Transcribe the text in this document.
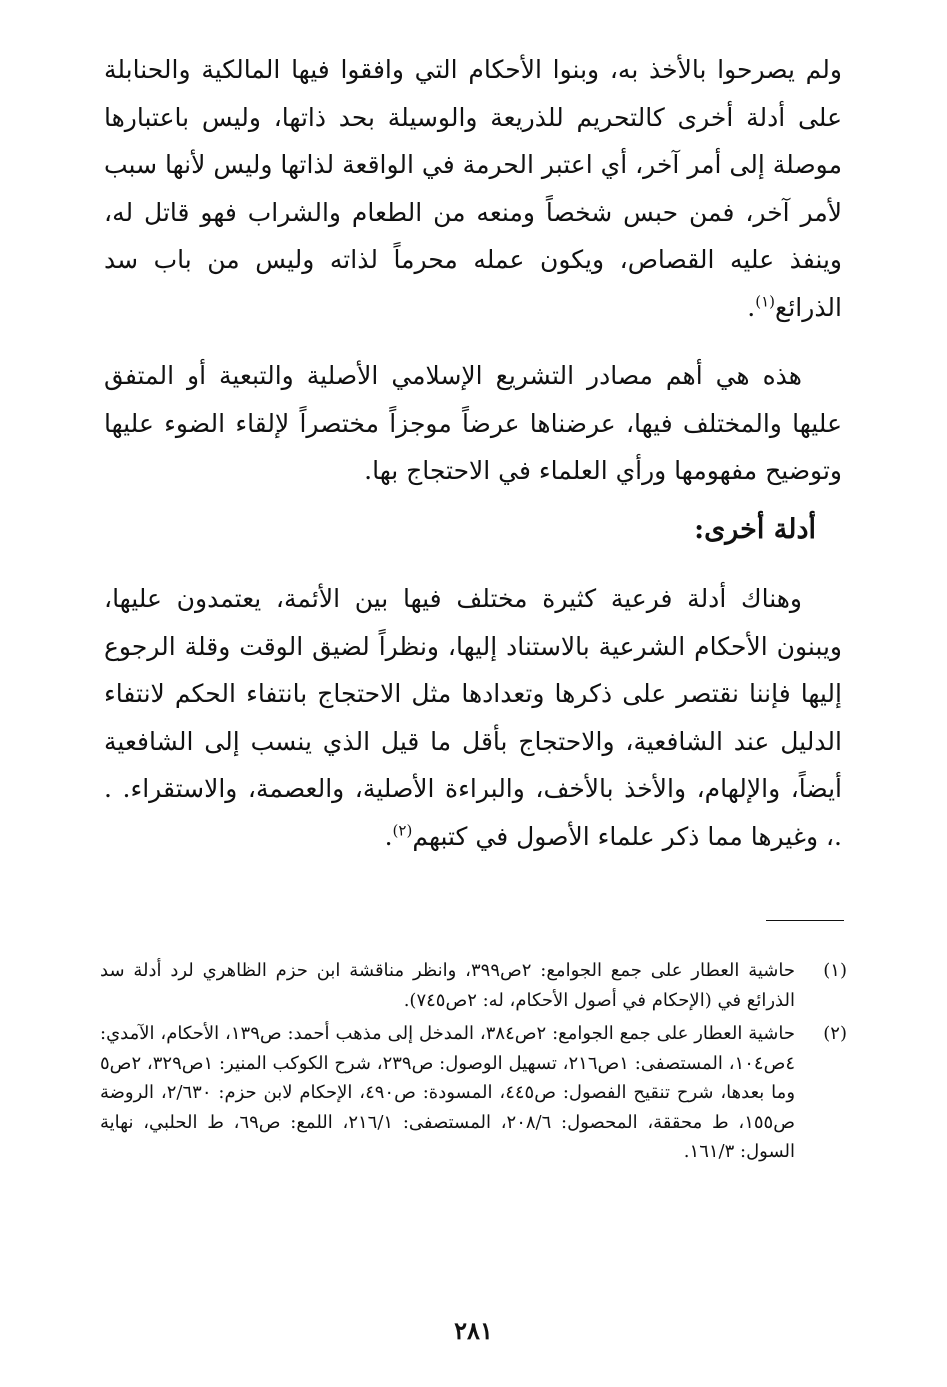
ولم يصرحوا بالأخذ به، وبنوا الأحكام التي وافقوا فيها المالكية والحنابلة على أدلة أخرى كالتحريم للذريعة والوسيلة بحد ذاتها، وليس باعتبارها موصلة إلى أمر آخر، أي اعتبر الحرمة في الواقعة لذاتها وليس لأنها سبب لأمر آخر، فمن حبس شخصاً ومنعه من الطعام والشراب فهو قاتل له، وينفذ عليه القصاص، ويكون عمله محرماً لذاته وليس من باب سد الذرائع$^{(١)}$.

هذه هي أهم مصادر التشريع الإسلامي الأصلية والتبعية أو المتفق عليها والمختلف فيها، عرضناها عرضاً موجزاً مختصراً لإلقاء الضوء عليها وتوضيح مفهومها ورأي العلماء في الاحتجاج بها.

أدلة أخرى:

وهناك أدلة فرعية كثيرة مختلف فيها بين الأئمة، يعتمدون عليها، ويبنون الأحكام الشرعية بالاستناد إليها، ونظراً لضيق الوقت وقلة الرجوع إليها فإننا نقتصر على ذكرها وتعدادها مثل الاحتجاج بانتفاء الحكم لانتفاء الدليل عند الشافعية، والاحتجاج بأقل ما قيل الذي ينسب إلى الشافعية أيضاً، والإلهام، والأخذ بالأخف، والبراءة الأصلية، والعصمة، والاستقراء. . .، وغيرها مما ذكر علماء الأصول في كتبهم$^{(٢)}$.

(١)

حاشية العطار على جمع الجوامع: ٢ص٣٩٩، وانظر مناقشة ابن حزم الظاهري لرد أدلة سد الذرائع في (الإحكام في أصول الأحكام، له: ٢ص٧٤٥).

(٢)

حاشية العطار على جمع الجوامع: ٢ص٣٨٤، المدخل إلى مذهب أحمد: ص١٣٩، الأحكام، الآمدي: ٤ص١٠٤، المستصفى: ١ص٢١٦، تسهيل الوصول: ص٢٣٩، شرح الكوكب المنير: ١ص٣٢٩، ٢ص٥ وما بعدها، شرح تنقيح الفصول: ص٤٤٥، المسودة: ص٤٩٠، الإحكام لابن حزم: ٢/٦٣٠، الروضة ص١٥٥، ط محققة، المحصول: ٢٠٨/٦، المستصفى: ٢١٦/١، اللمع: ص٦٩، ط الحلبي، نهاية السول: ١٦١/٣.

٢٨١
